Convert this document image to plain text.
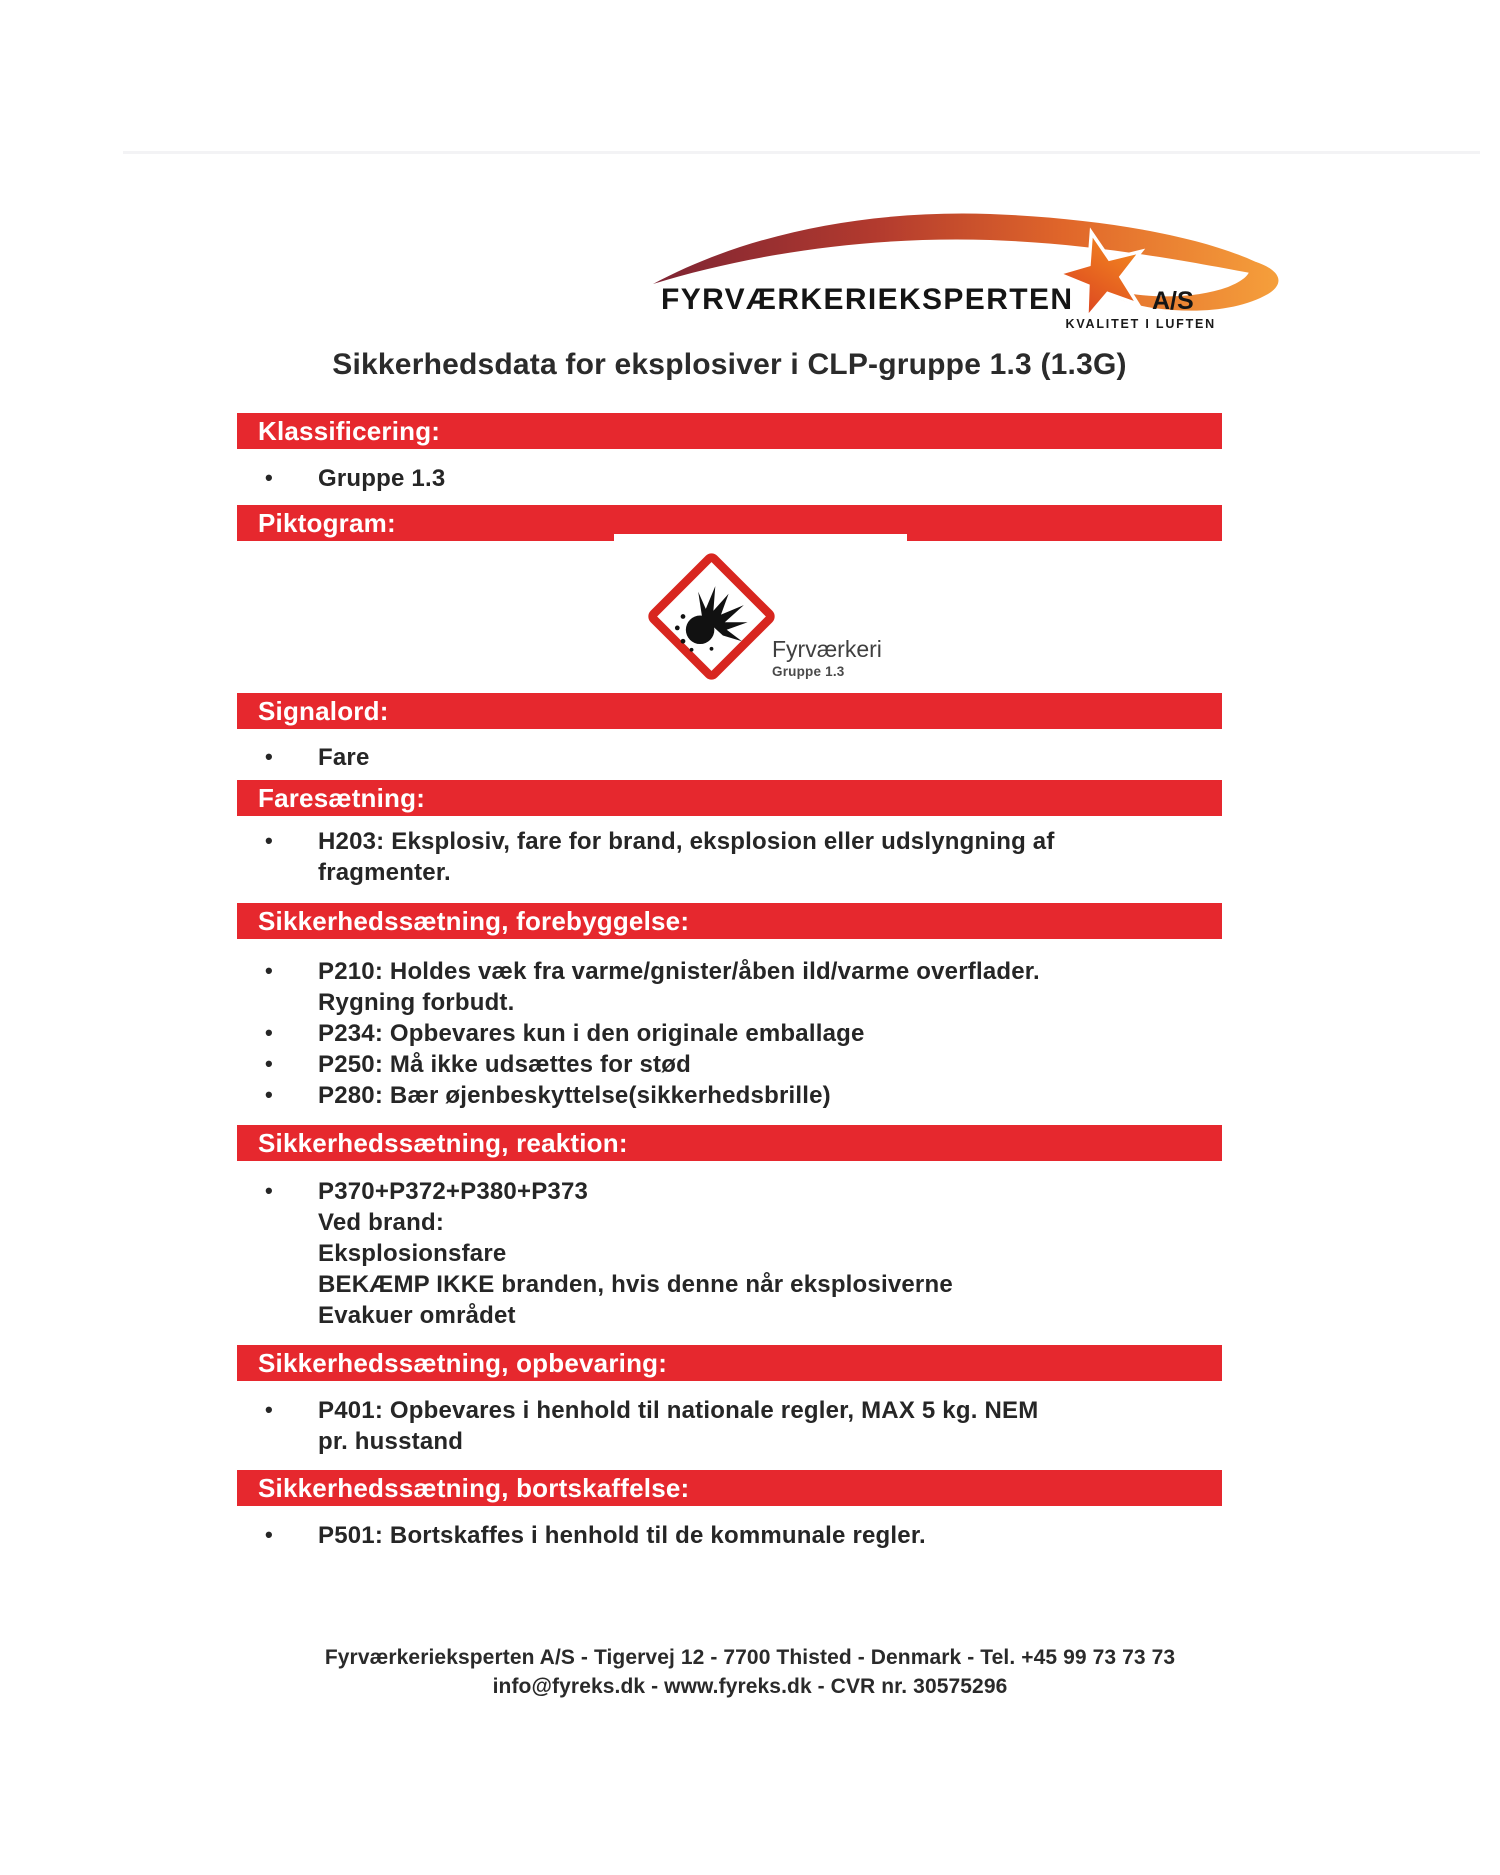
FYRVÆRKERIEKSPERTEN	A/S
KVALITET I LUFTEN
Sikkerhedsdata for eksplosiver i CLP-gruppe 1.3 (1.3G)
Klassificering:
• Gruppe 1.3
Piktogram:
Fyrværkeri
Gruppe 1.3
Signalord:
• Fare
Faresætning:
• H203: Eksplosiv, fare for brand, eksplosion eller udslyngning af
fragmenter.
Sikkerhedssætning, forebyggelse:
• P210: Holdes væk fra varme/gnister/åben ild/varme overflader.
Rygning forbudt.
• P234: Opbevares kun i den originale emballage
• P250: Må ikke udsættes for stød
• P280: Bær øjenbeskyttelse(sikkerhedsbrille)
Sikkerhedssætning, reaktion:
• P370+P372+P380+P373
Ved brand:
Eksplosionsfare
BEKÆMP IKKE branden, hvis denne når eksplosiverne
Evakuer området
Sikkerhedssætning, opbevaring:
• P401: Opbevares i henhold til nationale regler, MAX 5 kg. NEM
pr. husstand
Sikkerhedssætning, bortskaffelse:
• P501: Bortskaffes i henhold til de kommunale regler.
Fyrværkerieksperten A/S - Tigervej 12 - 7700 Thisted - Denmark - Tel. +45 99 73 73 73
info@fyreks.dk - www.fyreks.dk - CVR nr. 30575296
